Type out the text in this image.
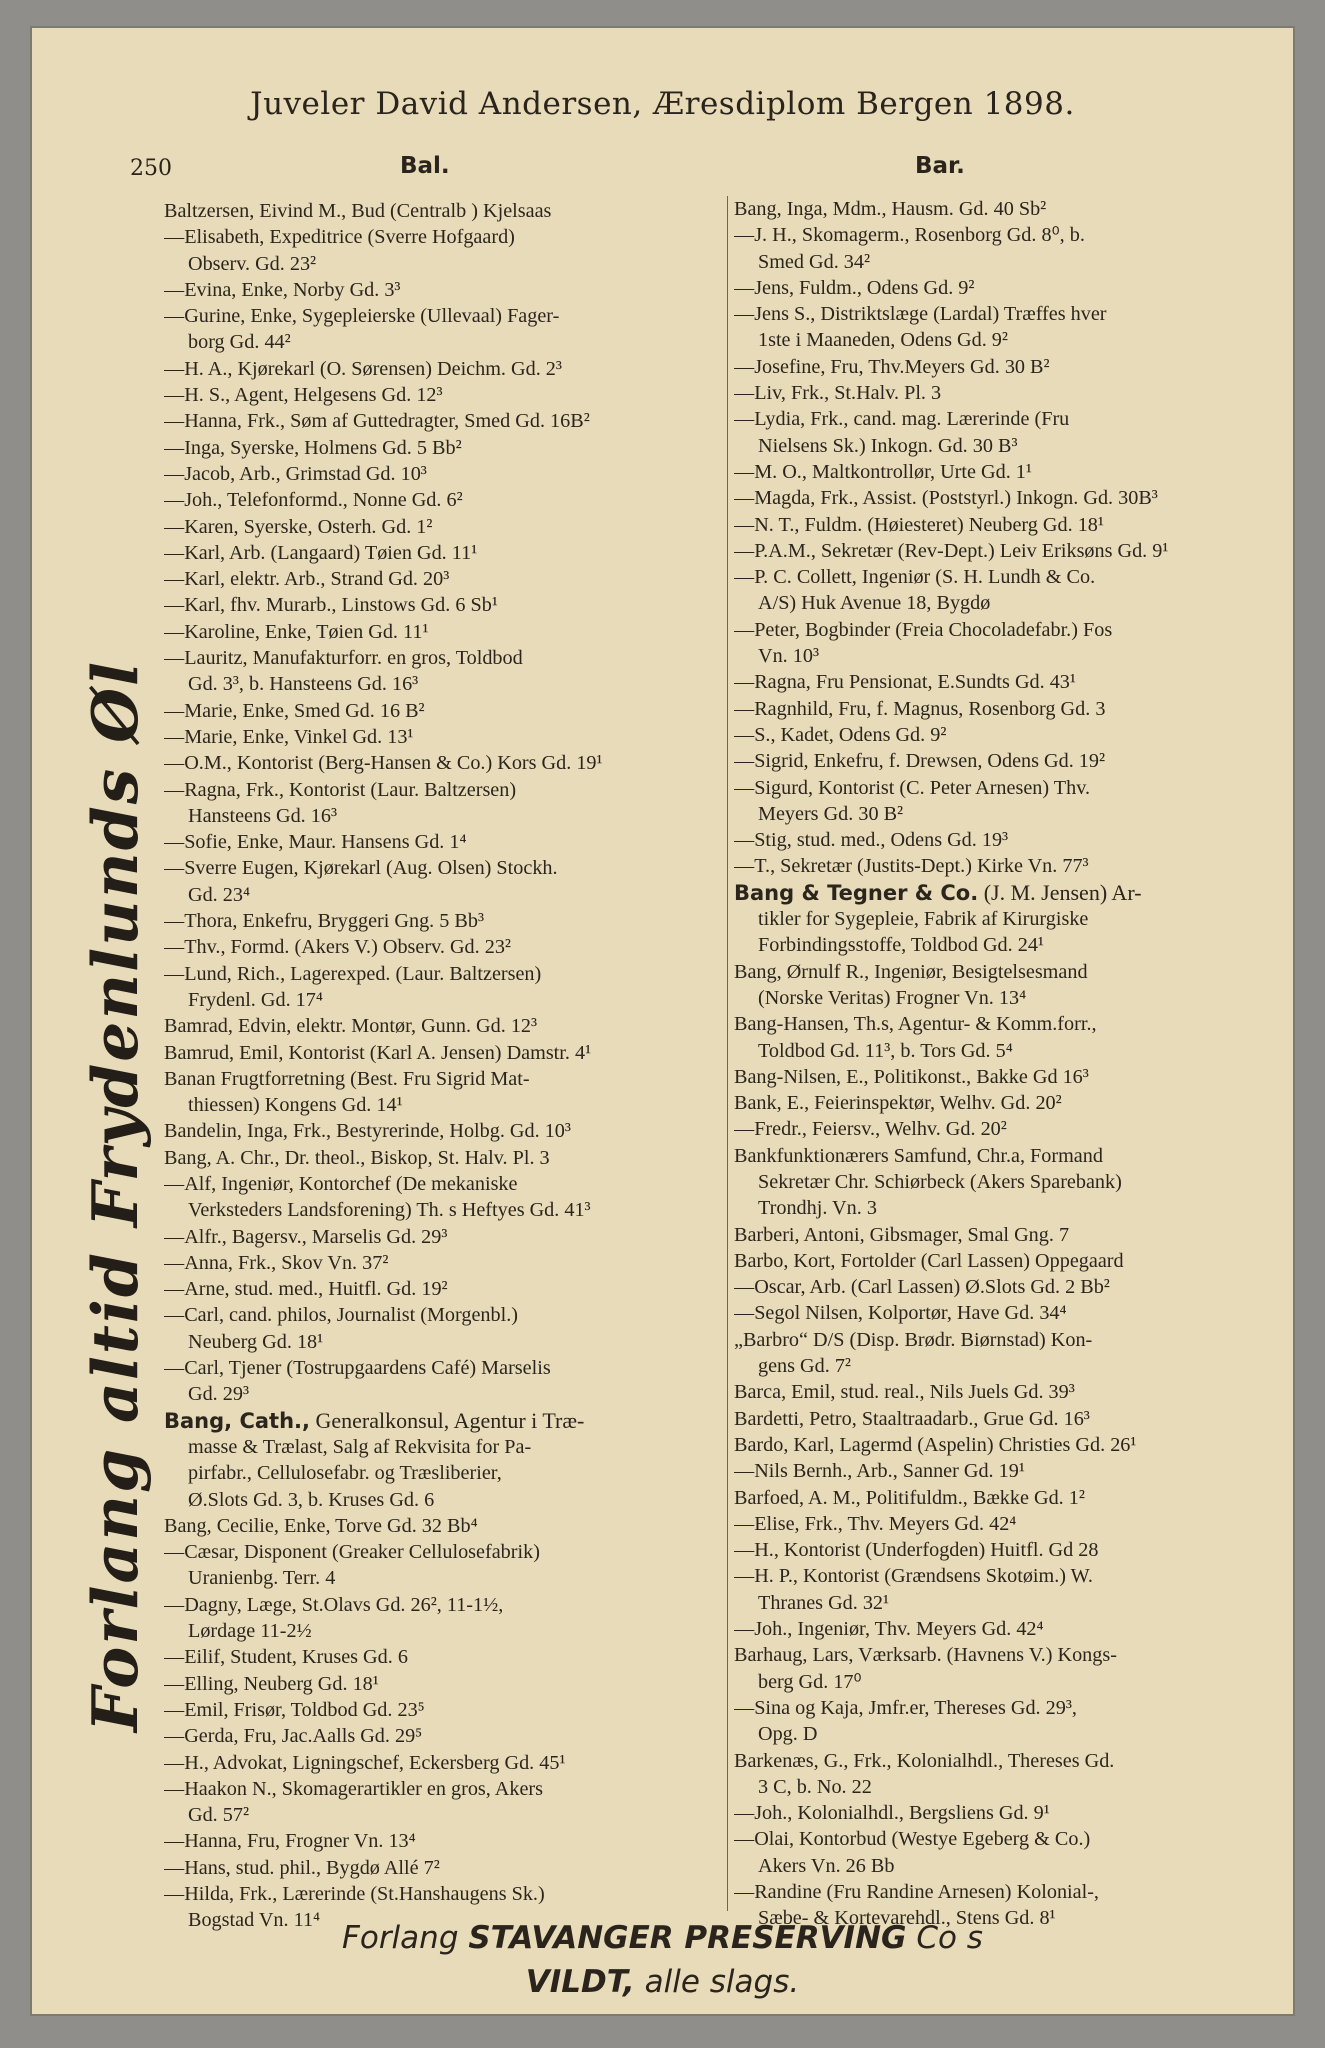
Juveler David Andersen, Æresdiplom Bergen 1898.
250	Bal.	Bar.
Forlang altid Frydenlunds Øl
Baltzersen, Eivind M., Bud (Centralb ) Kjelsaas
—Elisabeth, Expeditrice (Sverre Hofgaard)
Observ. Gd. 23²
—Evina, Enke, Norby Gd. 3³
—Gurine, Enke, Sygepleierske (Ullevaal) Fager-
borg Gd. 44²
—H. A., Kjørekarl (O. Sørensen) Deichm. Gd. 2³
—H. S., Agent, Helgesens Gd. 12³
—Hanna, Frk., Søm af Guttedragter, Smed Gd. 16B²
—Inga, Syerske, Holmens Gd. 5 Bb²
—Jacob, Arb., Grimstad Gd. 10³
—Joh., Telefonformd., Nonne Gd. 6²
—Karen, Syerske, Osterh. Gd. 1²
—Karl, Arb. (Langaard) Tøien Gd. 11¹
—Karl, elektr. Arb., Strand Gd. 20³
—Karl, fhv. Murarb., Linstows Gd. 6 Sb¹
—Karoline, Enke, Tøien Gd. 11¹
—Lauritz, Manufakturforr. en gros, Toldbod
Gd. 3³, b. Hansteens Gd. 16³
—Marie, Enke, Smed Gd. 16 B²
—Marie, Enke, Vinkel Gd. 13¹
—O.M., Kontorist (Berg-Hansen & Co.) Kors Gd. 19¹
—Ragna, Frk., Kontorist (Laur. Baltzersen)
Hansteens Gd. 16³
—Sofie, Enke, Maur. Hansens Gd. 1⁴
—Sverre Eugen, Kjørekarl (Aug. Olsen) Stockh.
Gd. 23⁴
—Thora, Enkefru, Bryggeri Gng. 5 Bb³
—Thv., Formd. (Akers V.) Observ. Gd. 23²
—Lund, Rich., Lagerexped. (Laur. Baltzersen)
Frydenl. Gd. 17⁴
Bamrad, Edvin, elektr. Montør, Gunn. Gd. 12³
Bamrud, Emil, Kontorist (Karl A. Jensen) Damstr. 4¹
Banan Frugtforretning (Best. Fru Sigrid Mat-
thiessen) Kongens Gd. 14¹
Bandelin, Inga, Frk., Bestyrerinde, Holbg. Gd. 10³
Bang, A. Chr., Dr. theol., Biskop, St. Halv. Pl. 3
—Alf, Ingeniør, Kontorchef (De mekaniske
Verksteders Landsforening) Th. s Heftyes Gd. 41³
—Alfr., Bagersv., Marselis Gd. 29³
—Anna, Frk., Skov Vn. 37²
—Arne, stud. med., Huitfl. Gd. 19²
—Carl, cand. philos, Journalist (Morgenbl.)
Neuberg Gd. 18¹
—Carl, Tjener (Tostrupgaardens Café) Marselis
Gd. 29³
Bang, Cath., Generalkonsul, Agentur i Træ-
masse & Trælast, Salg af Rekvisita for Pa-
pirfabr., Cellulosefabr. og Træsliberier,
Ø.Slots Gd. 3, b. Kruses Gd. 6
Bang, Cecilie, Enke, Torve Gd. 32 Bb⁴
—Cæsar, Disponent (Greaker Cellulosefabrik)
Uranienbg. Terr. 4
—Dagny, Læge, St.Olavs Gd. 26², 11-1½,
Lørdage 11-2½
—Eilif, Student, Kruses Gd. 6
—Elling, Neuberg Gd. 18¹
—Emil, Frisør, Toldbod Gd. 23⁵
—Gerda, Fru, Jac.Aalls Gd. 29⁵
—H., Advokat, Ligningschef, Eckersberg Gd. 45¹
—Haakon N., Skomagerartikler en gros, Akers
Gd. 57²
—Hanna, Fru, Frogner Vn. 13⁴
—Hans, stud. phil., Bygdø Allé 7²
—Hilda, Frk., Lærerinde (St.Hanshaugens Sk.)
Bogstad Vn. 11⁴
Bang, Inga, Mdm., Hausm. Gd. 40 Sb²
—J. H., Skomagerm., Rosenborg Gd. 8⁰, b.
Smed Gd. 34²
—Jens, Fuldm., Odens Gd. 9²
—Jens S., Distriktslæge (Lardal) Træffes hver
1ste i Maaneden, Odens Gd. 9²
—Josefine, Fru, Thv.Meyers Gd. 30 B²
—Liv, Frk., St.Halv. Pl. 3
—Lydia, Frk., cand. mag. Lærerinde (Fru
Nielsens Sk.) Inkogn. Gd. 30 B³
—M. O., Maltkontrollør, Urte Gd. 1¹
—Magda, Frk., Assist. (Poststyrl.) Inkogn. Gd. 30B³
—N. T., Fuldm. (Høiesteret) Neuberg Gd. 18¹
—P.A.M., Sekretær (Rev-Dept.) Leiv Eriksøns Gd. 9¹
—P. C. Collett, Ingeniør (S. H. Lundh & Co.
A/S) Huk Avenue 18, Bygdø
—Peter, Bogbinder (Freia Chocoladefabr.) Fos
Vn. 10³
—Ragna, Fru Pensionat, E.Sundts Gd. 43¹
—Ragnhild, Fru, f. Magnus, Rosenborg Gd. 3
—S., Kadet, Odens Gd. 9²
—Sigrid, Enkefru, f. Drewsen, Odens Gd. 19²
—Sigurd, Kontorist (C. Peter Arnesen) Thv.
Meyers Gd. 30 B²
—Stig, stud. med., Odens Gd. 19³
—T., Sekretær (Justits-Dept.) Kirke Vn. 77³
Bang & Tegner & Co. (J. M. Jensen) Ar-
tikler for Sygepleie, Fabrik af Kirurgiske
Forbindingsstoffe, Toldbod Gd. 24¹
Bang, Ørnulf R., Ingeniør, Besigtelsesmand
(Norske Veritas) Frogner Vn. 13⁴
Bang-Hansen, Th.s, Agentur- & Komm.forr.,
Toldbod Gd. 11³, b. Tors Gd. 5⁴
Bang-Nilsen, E., Politikonst., Bakke Gd 16³
Bank, E., Feierinspektør, Welhv. Gd. 20²
—Fredr., Feiersv., Welhv. Gd. 20²
Bankfunktionærers Samfund, Chr.a, Formand
Sekretær Chr. Schiørbeck (Akers Sparebank)
Trondhj. Vn. 3
Barberi, Antoni, Gibsmager, Smal Gng. 7
Barbo, Kort, Fortolder (Carl Lassen) Oppegaard
—Oscar, Arb. (Carl Lassen) Ø.Slots Gd. 2 Bb²
—Segol Nilsen, Kolportør, Have Gd. 34⁴
„Barbro“ D/S (Disp. Brødr. Biørnstad) Kon-
gens Gd. 7²
Barca, Emil, stud. real., Nils Juels Gd. 39³
Bardetti, Petro, Staaltraadarb., Grue Gd. 16³
Bardo, Karl, Lagermd (Aspelin) Christies Gd. 26¹
—Nils Bernh., Arb., Sanner Gd. 19¹
Barfoed, A. M., Politifuldm., Bække Gd. 1²
—Elise, Frk., Thv. Meyers Gd. 42⁴
—H., Kontorist (Underfogden) Huitfl. Gd 28
—H. P., Kontorist (Grændsens Skotøim.) W.
Thranes Gd. 32¹
—Joh., Ingeniør, Thv. Meyers Gd. 42⁴
Barhaug, Lars, Værksarb. (Havnens V.) Kongs-
berg Gd. 17⁰
—Sina og Kaja, Jmfr.er, Thereses Gd. 29³,
Opg. D
Barkenæs, G., Frk., Kolonialhdl., Thereses Gd.
3 C, b. No. 22
—Joh., Kolonialhdl., Bergsliens Gd. 9¹
—Olai, Kontorbud (Westye Egeberg & Co.)
Akers Vn. 26 Bb
—Randine (Fru Randine Arnesen) Kolonial-,
Sæbe- & Kortevarehdl., Stens Gd. 8¹
Forlang STAVANGER PRESERVING Co s
VILDT, alle slags.
